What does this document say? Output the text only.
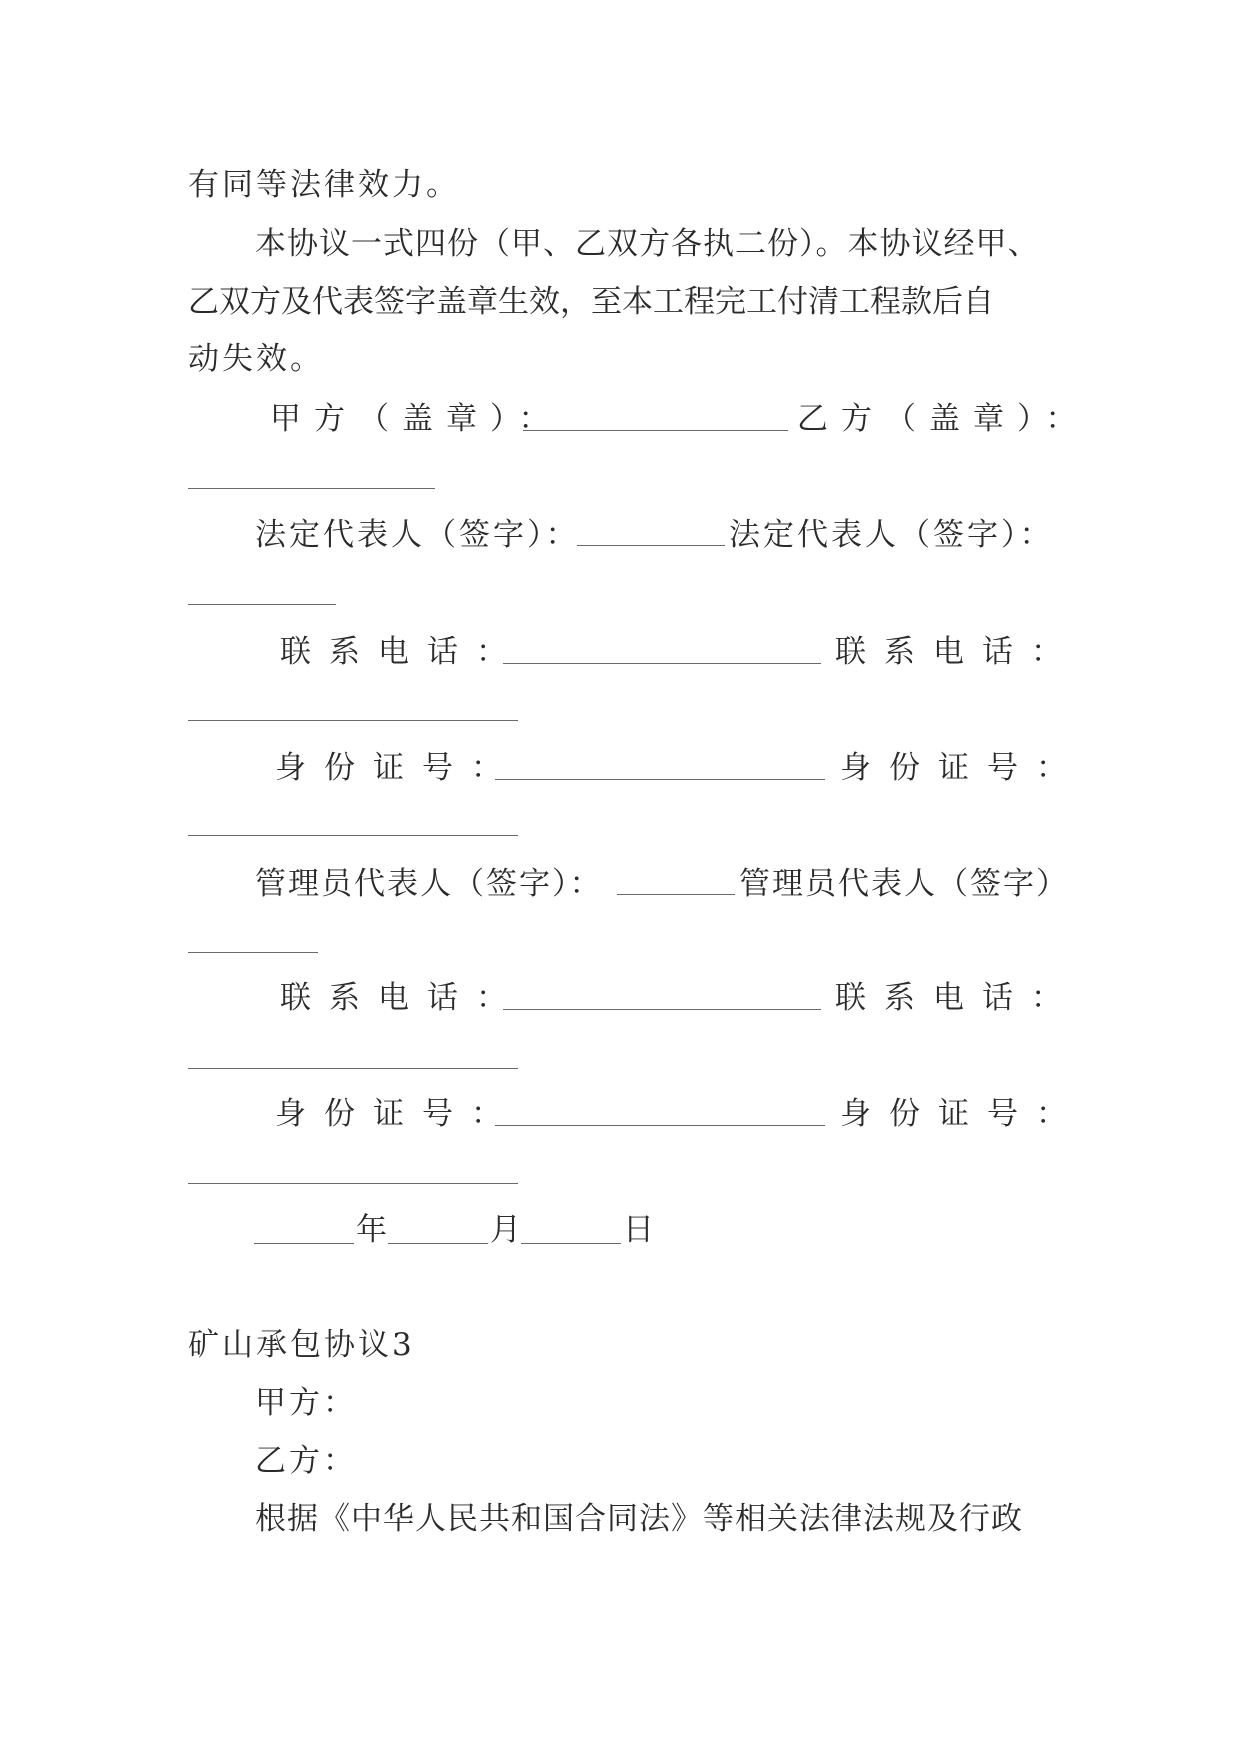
有同等法律效力。
本协议一式四份（甲、乙双方各执二份）。本协议经甲、
乙双方及代表签字盖章生效，至本工程完工付清工程款后自
动失效。
甲方（盖章）：	乙方（盖章）：
法定代表人（签字）：	法定代表人（签字）：
联系电话：	联系电话：
身份证号：	身份证号：
管理员代表人（签字）：	管理员代表人（签字）
联系电话：	联系电话：
身份证号：	身份证号：
年	月	日
矿山承包协议3
甲方：
乙方：
根据《中华人民共和国合同法》等相关法律法规及行政
